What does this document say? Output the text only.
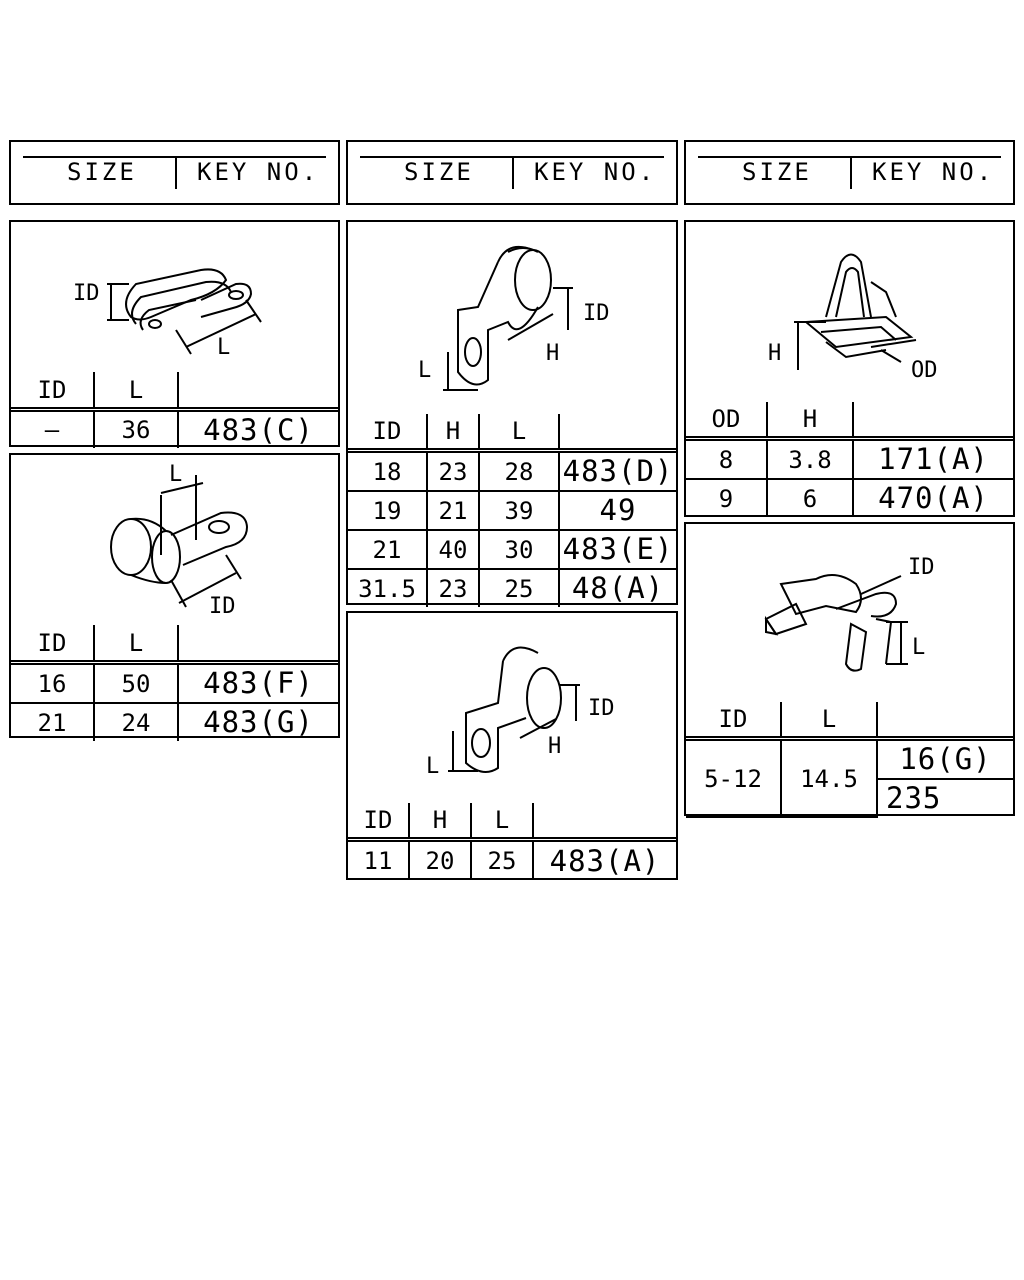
SIZE	KEY NO.	SIZE	KEY NO.	SIZE	KEY NO.
ID
L
ID	L	
—	36	483(C)
L
ID
ID	L	
16	50	483(F)
21	24	483(G)
L
ID
H
ID	H	L	
18	23	28	483(D)
19	21	39	49
21	40	30	483(E)
31.5	23	25	48(A)
L
ID
H
ID	H	L	
11	20	25	483(A)
H
OD
OD	H	
8	3.8	171(A)
9	6	470(A)
ID
L
ID	L	
5-12	14.5	16(G)
		235
